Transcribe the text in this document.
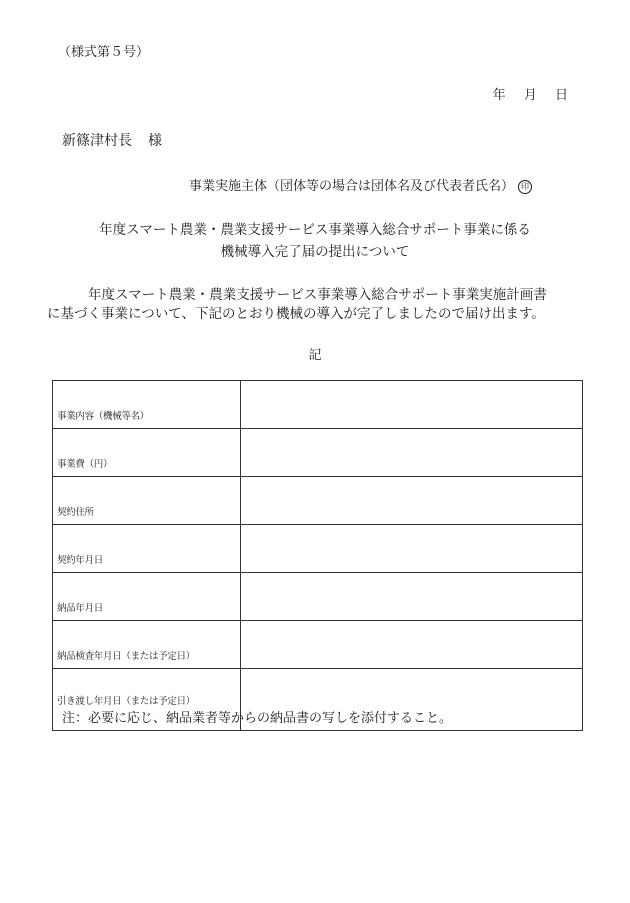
（様式第５号）
年 月 日
新篠津村長 様
事業実施主体（団体等の場合は団体名及び代表者氏名） 印
年度スマート農業・農業支援サービス事業導入総合サポート事業に係る
機械導入完了届の提出について
年度スマート農業・農業支援サービス事業導入総合サポート事業実施計画書
に基づく事業について、下記のとおり機械の導入が完了しましたので届け出ます。
記
事業内容（機械等名）	
事業費（円）	
契約住所	
契約年月日	
納品年月日	
納品検査年月日（または予定日）	
引き渡し年月日（または予定日）	
注：必要に応じ、納品業者等からの納品書の写しを添付すること。
